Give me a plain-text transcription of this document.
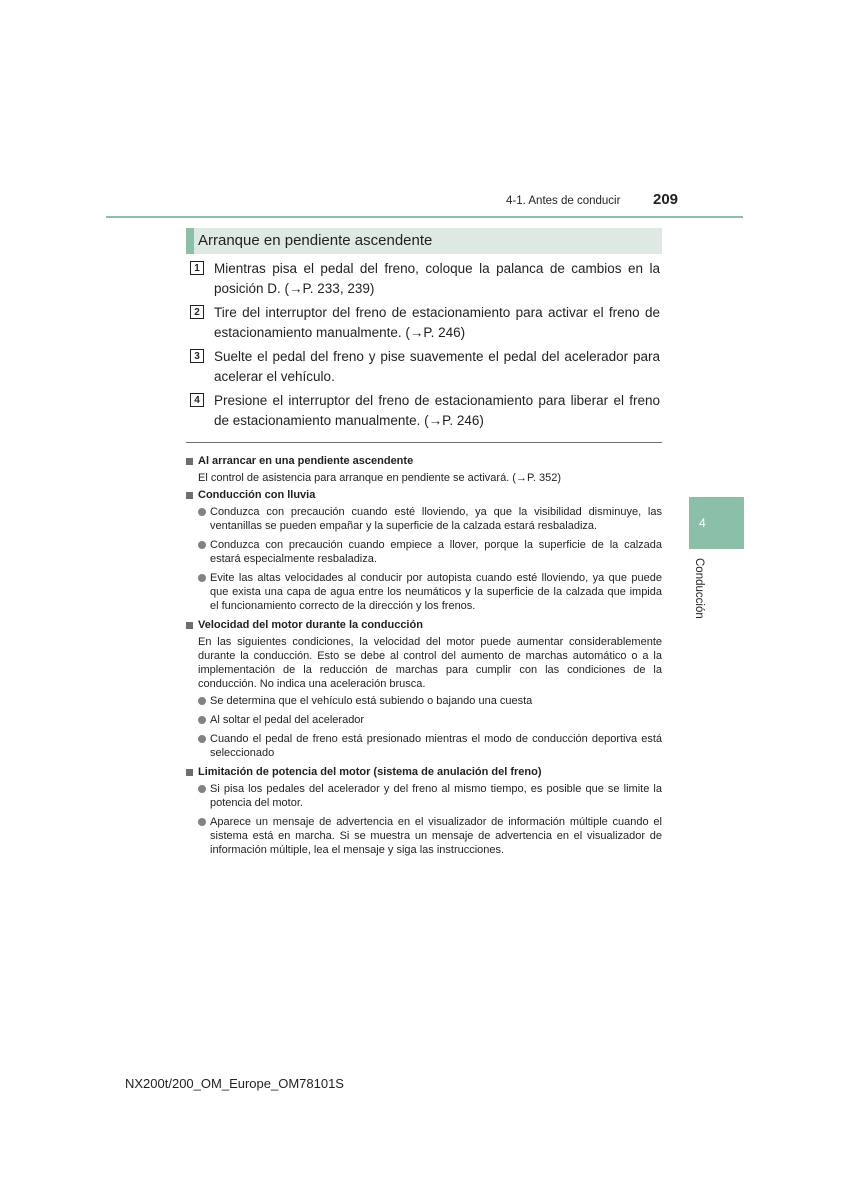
4-1. Antes de conducir 209
Arranque en pendiente ascendente
1	Mientras pisa el pedal del freno, coloque la palanca de cambios en la posición D. (→P. 233, 239)
2	Tire del interruptor del freno de estacionamiento para activar el freno de estacionamiento manualmente. (→P. 246)
3	Suelte el pedal del freno y pise suavemente el pedal del acelerador para acelerar el vehículo.
4	Presione el interruptor del freno de estacionamiento para liberar el freno de estacionamiento manualmente. (→P. 246)
Al arrancar en una pendiente ascendente
El control de asistencia para arranque en pendiente se activará. (→P. 352)
Conducción con lluvia
Conduzca con precaución cuando esté lloviendo, ya que la visibilidad disminuye, las ventanillas se pueden empañar y la superficie de la calzada estará resbaladiza.
Conduzca con precaución cuando empiece a llover, porque la superficie de la calzada estará especialmente resbaladiza.
Evite las altas velocidades al conducir por autopista cuando esté lloviendo, ya que puede que exista una capa de agua entre los neumáticos y la superficie de la calzada que impida el funcionamiento correcto de la dirección y los frenos.
Velocidad del motor durante la conducción
En las siguientes condiciones, la velocidad del motor puede aumentar considerablemente durante la conducción. Esto se debe al control del aumento de marchas automático o a la implementación de la reducción de marchas para cumplir con las condiciones de la conducción. No indica una aceleración brusca.
Se determina que el vehículo está subiendo o bajando una cuesta
Al soltar el pedal del acelerador
Cuando el pedal de freno está presionado mientras el modo de conducción deportiva está seleccionado
Limitación de potencia del motor (sistema de anulación del freno)
Si pisa los pedales del acelerador y del freno al mismo tiempo, es posible que se limite la potencia del motor.
Aparece un mensaje de advertencia en el visualizador de información múltiple cuando el sistema está en marcha. Si se muestra un mensaje de advertencia en el visualizador de información múltiple, lea el mensaje y siga las instrucciones.
4
Conducción
NX200t/200_OM_Europe_OM78101S
